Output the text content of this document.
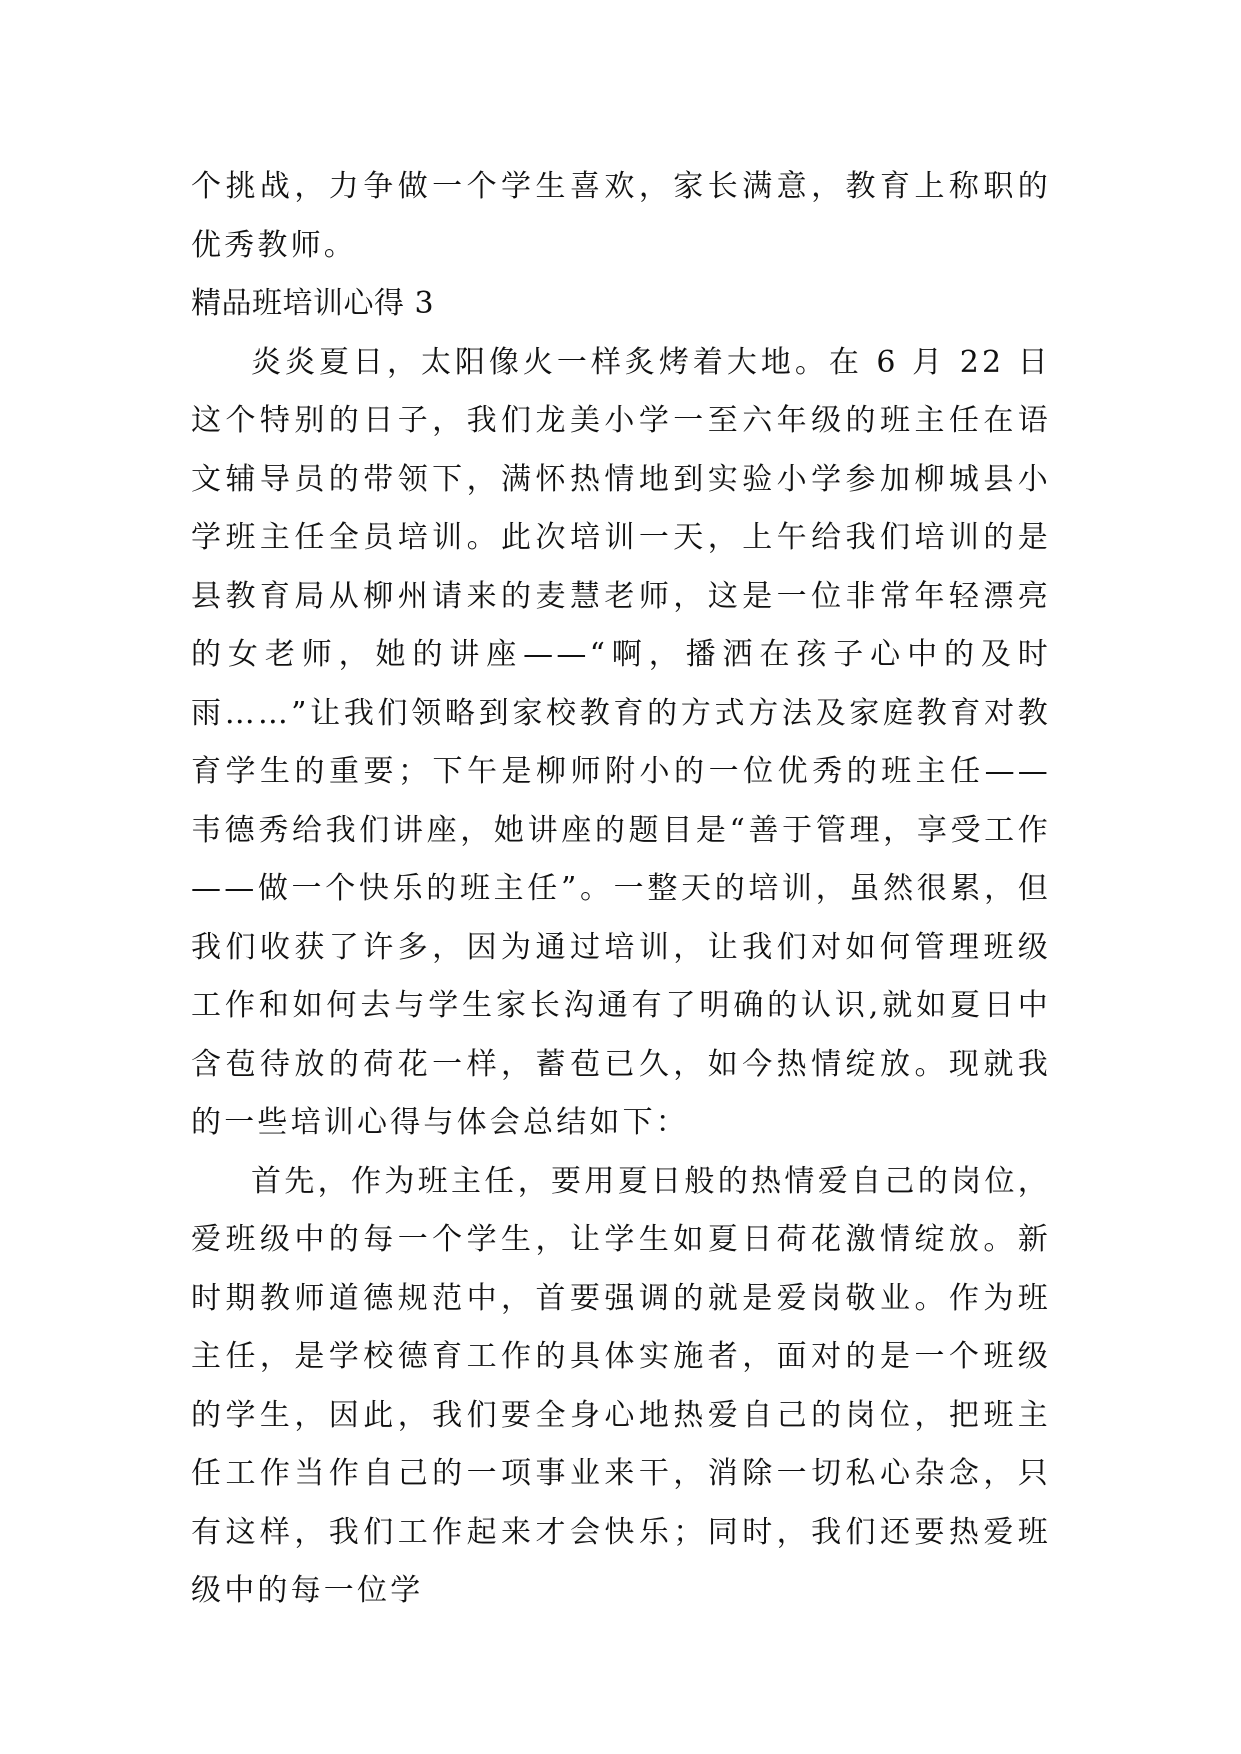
个挑战，力争做一个学生喜欢，家长满意，教育上称职的优秀教师。

精品班培训心得 3

炎炎夏日，太阳像火一样炙烤着大地。在 6 月 22 日这个特别的日子，我们龙美小学一至六年级的班主任在语文辅导员的带领下，满怀热情地到实验小学参加柳城县小学班主任全员培训。此次培训一天，上午给我们培训的是县教育局从柳州请来的麦慧老师，这是一位非常年轻漂亮的女老师，她的讲座——“啊，播洒在孩子心中的及时雨……”让我们领略到家校教育的方式方法及家庭教育对教育学生的重要；下午是柳师附小的一位优秀的班主任——韦德秀给我们讲座，她讲座的题目是“善于管理，享受工作——做一个快乐的班主任”。一整天的培训，虽然很累，但我们收获了许多，因为通过培训，让我们对如何管理班级工作和如何去与学生家长沟通有了明确的认识,就如夏日中含苞待放的荷花一样，蓄苞已久，如今热情绽放。现就我的一些培训心得与体会总结如下：

首先，作为班主任，要用夏日般的热情爱自己的岗位，爱班级中的每一个学生，让学生如夏日荷花激情绽放。新时期教师道德规范中，首要强调的就是爱岗敬业。作为班主任，是学校德育工作的具体实施者，面对的是一个班级的学生，因此，我们要全身心地热爱自己的岗位，把班主任工作当作自己的一项事业来干，消除一切私心杂念，只有这样，我们工作起来才会快乐；同时，我们还要热爱班级中的每一位学
